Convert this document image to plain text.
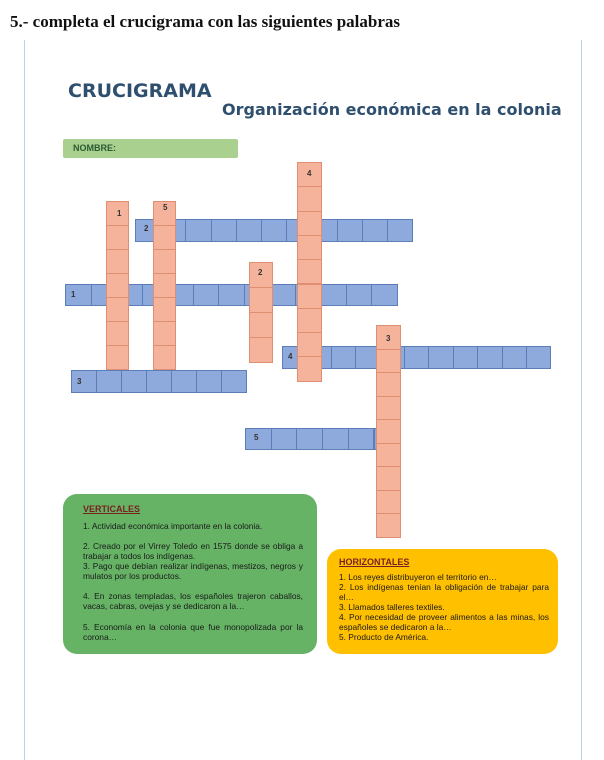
5.- completa el crucigrama con las siguientes palabras
CRUCIGRAMA
Organización económica en la colonia
NOMBRE:
1
2
3
4
5
1
2
3
4
5
VERTICALES
1. Actividad económica importante en la colonia.
2. Creado por el Virrey Toledo en 1575 donde se obliga a trabajar a todos los indígenas.
3. Pago que debían realizar indígenas, mestizos, negros y mulatos por los productos.
4. En zonas templadas, los españoles trajeron caballos, vacas, cabras, ovejas y se dedicaron a la…
5. Economía en la colonia que fue monopolizada por la corona…
HORIZONTALES
1. Los reyes distribuyeron el territorio en…
2. Los indígenas tenían la obligación de trabajar para el…
3. Llamados talleres textiles.
4. Por necesidad de proveer alimentos a las minas, los españoles se dedicaron a la…
5. Producto de América.
